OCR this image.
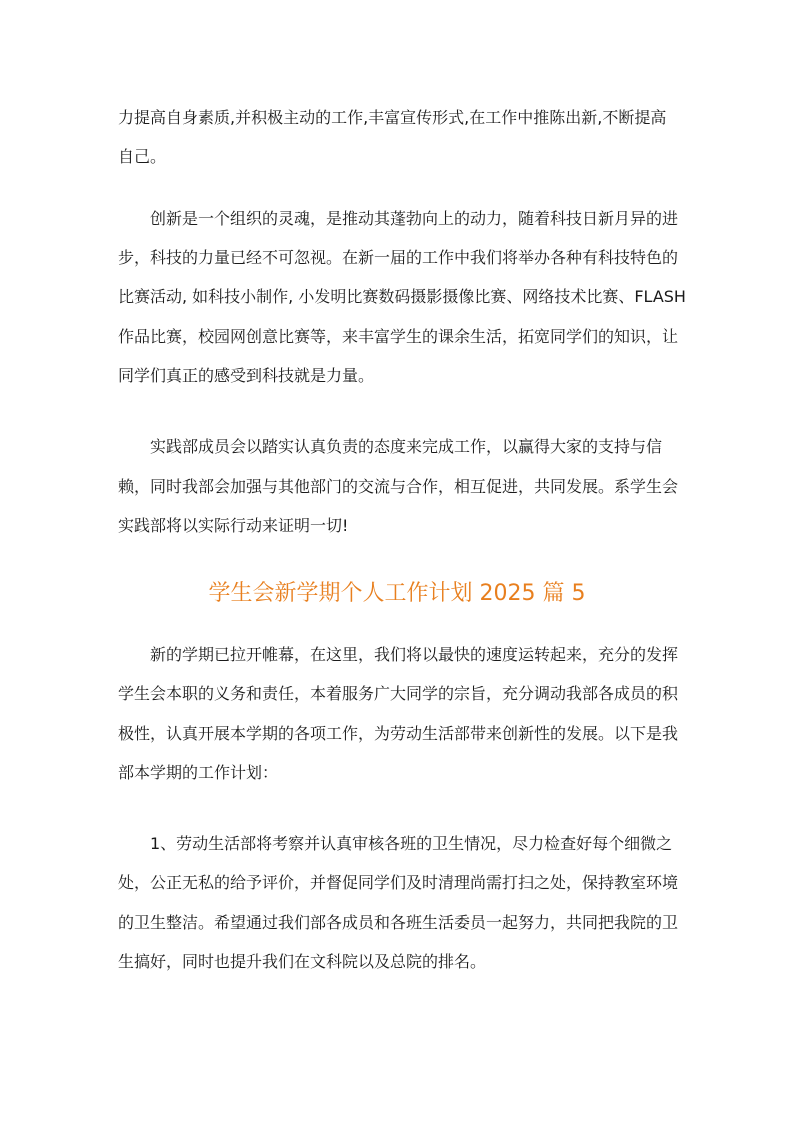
力提高自身素质,并积极主动的工作,丰富宣传形式,在工作中推陈出新,不断提高
自己。
创新是一个组织的灵魂，是推动其蓬勃向上的动力，随着科技日新月异的进
步，科技的力量已经不可忽视。在新一届的工作中我们将举办各种有科技特色的
比赛活动, 如科技小制作, 小发明比赛数码摄影摄像比赛、网络技术比赛、FLASH
作品比赛，校园网创意比赛等，来丰富学生的课余生活，拓宽同学们的知识，让
同学们真正的感受到科技就是力量。
实践部成员会以踏实认真负责的态度来完成工作，以赢得大家的支持与信
赖，同时我部会加强与其他部门的交流与合作，相互促进，共同发展。系学生会
实践部将以实际行动来证明一切!
学生会新学期个人工作计划 2025 篇 5
新的学期已拉开帷幕，在这里，我们将以最快的速度运转起来，充分的发挥
学生会本职的义务和责任，本着服务广大同学的宗旨，充分调动我部各成员的积
极性，认真开展本学期的各项工作，为劳动生活部带来创新性的发展。以下是我
部本学期的工作计划：
1、劳动生活部将考察并认真审核各班的卫生情况，尽力检查好每个细微之
处，公正无私的给予评价，并督促同学们及时清理尚需打扫之处，保持教室环境
的卫生整洁。希望通过我们部各成员和各班生活委员一起努力，共同把我院的卫
生搞好，同时也提升我们在文科院以及总院的排名。
